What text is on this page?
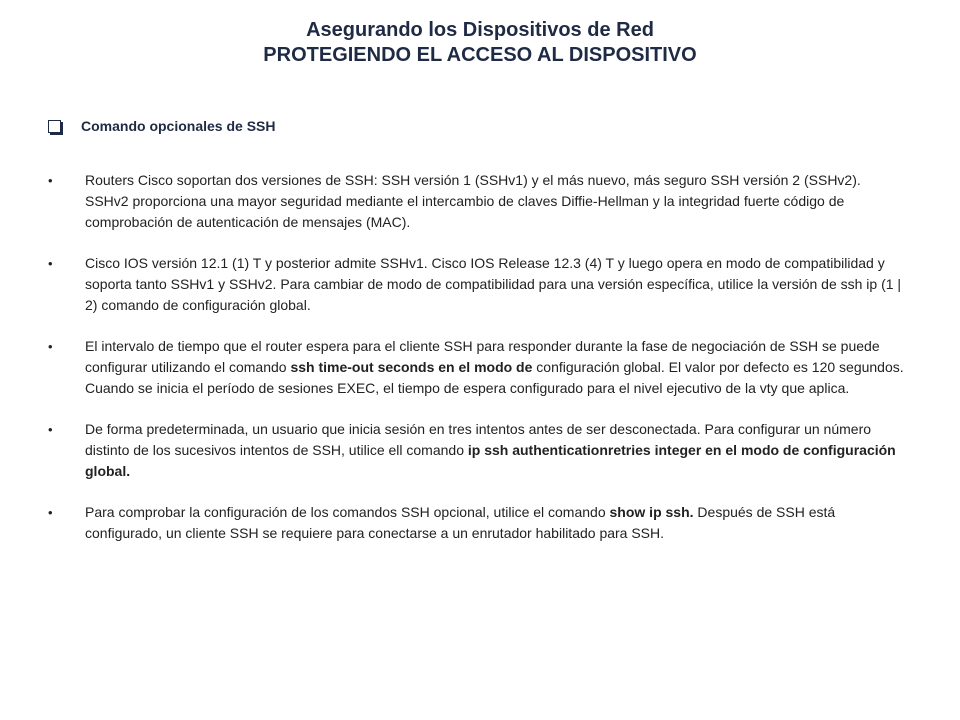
Asegurando los Dispositivos de Red
PROTEGIENDO EL ACCESO AL DISPOSITIVO
Comando opcionales de SSH
•	Routers Cisco soportan dos versiones de SSH: SSH versión 1 (SSHv1) y el más nuevo, más seguro SSH versión 2 (SSHv2). SSHv2 proporciona una mayor seguridad mediante el intercambio de claves Diffie-Hellman y la integridad fuerte código de comprobación de autenticación de mensajes (MAC).
•	Cisco IOS versión 12.1 (1) T y posterior admite SSHv1. Cisco IOS Release 12.3 (4) T y luego opera en modo de compatibilidad y soporta tanto SSHv1 y SSHv2. Para cambiar de modo de compatibilidad para una versión específica, utilice la versión de ssh ip (1 | 2) comando de configuración global.
•	El intervalo de tiempo que el router espera para el cliente SSH para responder durante la fase de negociación de SSH se puede configurar utilizando el comando ssh time-out seconds en el modo de configuración global. El valor por defecto es 120 segundos. Cuando se inicia el período de sesiones EXEC, el tiempo de espera configurado para el nivel ejecutivo de la vty que aplica.
•	De forma predeterminada, un usuario que inicia sesión en tres intentos antes de ser desconectada. Para configurar un número distinto de los sucesivos intentos de SSH, utilice ell comando ip ssh authenticationretries integer en el modo de configuración global.
•	Para comprobar la configuración de los comandos SSH opcional, utilice el comando show ip ssh. Después de SSH está configurado, un cliente SSH se requiere para conectarse a un enrutador habilitado para SSH.
